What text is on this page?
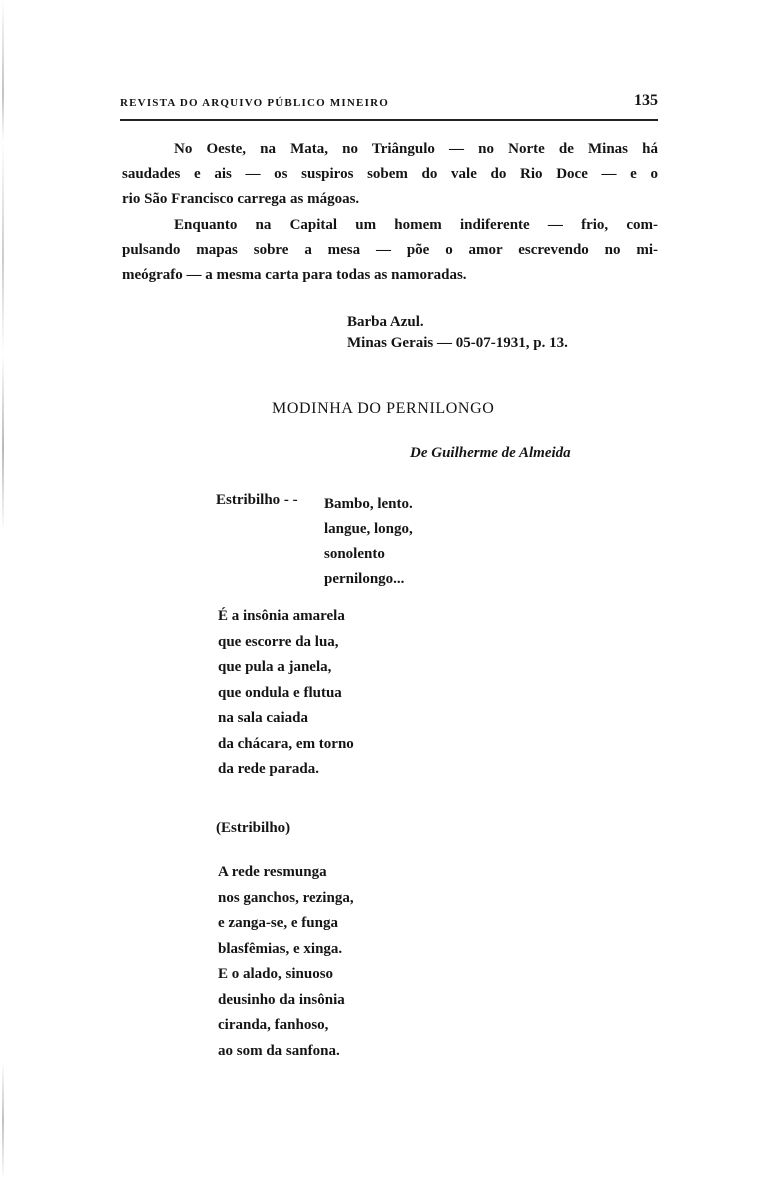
REVISTA DO ARQUIVO PÚBLICO MINEIRO	135
No Oeste, na Mata, no Triângulo — no Norte de Minas há
saudades e ais — os suspiros sobem do vale do Rio Doce — e o
rio São Francisco carrega as mágoas.
Enquanto na Capital um homem indiferente — frio, com-
pulsando mapas sobre a mesa — põe o amor escrevendo no mi-
meógrafo — a mesma carta para todas as namoradas.
Barba Azul.
Minas Gerais — 05-07-1931, p. 13.
MODINHA DO PERNILONGO
De Guilherme de Almeida
Estribilho - - Bambo, lento.
langue, longo,
sonolento
pernilongo...
É a insônia amarela
que escorre da lua,
que pula a janela,
que ondula e flutua
na sala caiada
da chácara, em torno
da rede parada.
(Estribilho)
A rede resmunga
nos ganchos, rezinga,
e zanga-se, e funga
blasfêmias, e xinga.
E o alado, sinuoso
deusinho da insônia
ciranda, fanhoso,
ao som da sanfona.
